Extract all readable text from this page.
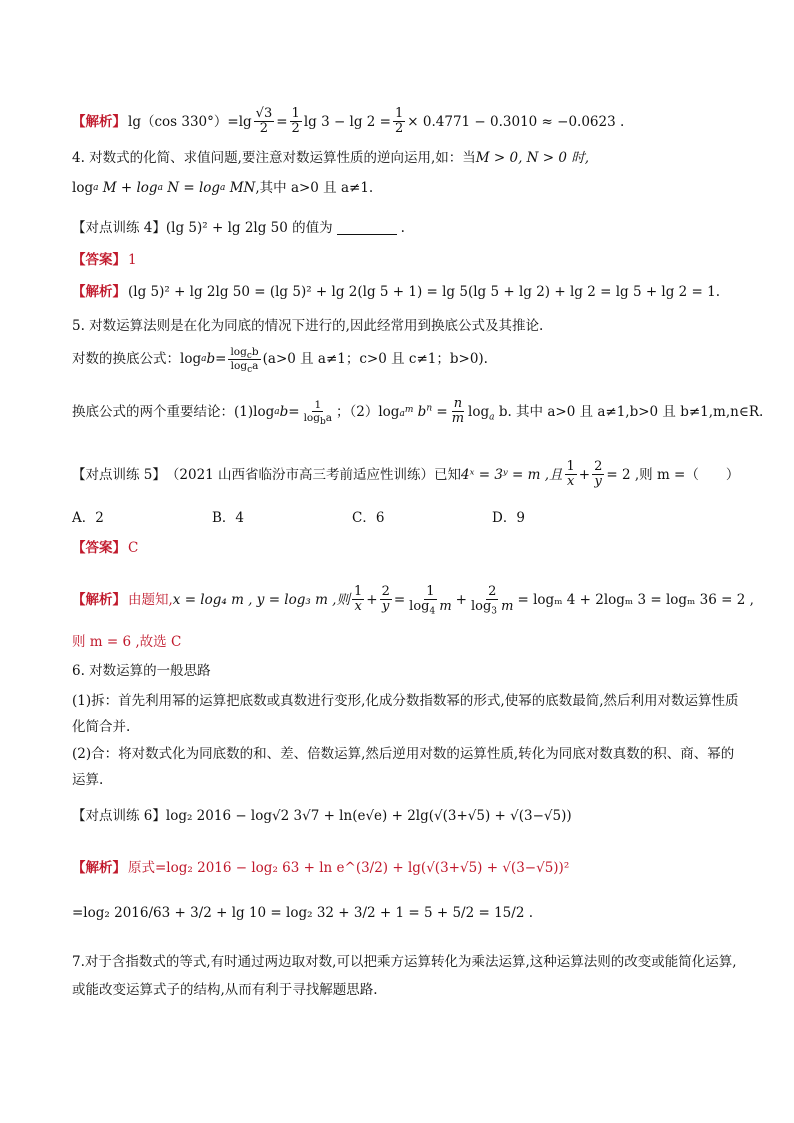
【解析】 lg（cos $330^\circ)=\lg \frac{√3}{2} = \frac{1}{2}$ $\lg 3 - \lg 2 = \frac{1}{2} \times 0.4771 - 0.3010 \approx -0.0623$ .
4. 对数式的化简、求值问题,要注意对数运算性质的逆向运用,如：当 M > 0, N > 0 时,
log a
M + log a
N = log a
MN ,其中 a>0 且 a≠1.
【对点训练 4】 (lg 5)² + lg 2lg 50 的值为	.
【答案】 1
【解析】 (lg 5)² + lg 2lg 50 = (lg 5)² + lg 2(lg 5 + 1) = lg 5(lg 5 + lg 2) + lg 2 = lg 5 + lg 2 = 1.
5. 对数运算法则是在化为同底的情况下进行的,因此经常用到换底公式及其推论.
对数的换底公式：log a $b = \frac{\log_cb}{\log_ca} (a>0$ 且 a≠1；c>0 且 c≠1；b>0).
换底公式的两个重要结论：(1)log a $b = \frac{1}{\log_ba}$ ；（2）log $a^m$
$b^n = \frac{n}{m} \log_a b$. 其中 a>0 且 a≠1,b>0 且 b≠1,m,n∈R.
【对点训练 5】 （2021 山西省临汾市高三考前适应性训练）已知 4ˣ = 3ʸ = m ,且 $\frac{1}{x} + \frac{2}{y} = 2$ ,则 m =（　　）
A．2	B．4	C．6	D．9
【答案】 C
【解析】 由题知, x = log₄ m , y = log₃ m ,则 $\frac{1}{x} + \frac{2}{y} = \frac{1}{\log_4 m} + \frac{2}{\log_3 m} = \log_m$ 4 + 2logₘ 3 = logₘ 36 = 2 ,
则 m = 6 ,故选 C
6. 对数运算的一般思路
(1)拆：首先利用幂的运算把底数或真数进行变形,化成分数指数幂的形式,使幂的底数最简,然后利用对数运算性质化简合并.
(2)合：将对数式化为同底数的和、差、倍数运算,然后逆用对数的运算性质,转化为同底对数真数的积、商、幂的运算.
【对点训练 6】 log₂ 2016 − log√2 3√7 + ln(e√e) + 2lg(√(3+√5) + √(3−√5))
【解析】 原式=log₂ 2016 − log₂ 63 + ln e^(3/2) + lg(√(3+√5) + √(3−√5))²
=log₂ 2016/63 + 3/2 + lg 10 = log₂ 32 + 3/2 + 1 = 5 + 5/2 = 15/2 .
7.对于含指数式的等式,有时通过两边取对数,可以把乘方运算转化为乘法运算,这种运算法则的改变或能简化运算,或能改变运算式子的结构,从而有利于寻找解题思路.
